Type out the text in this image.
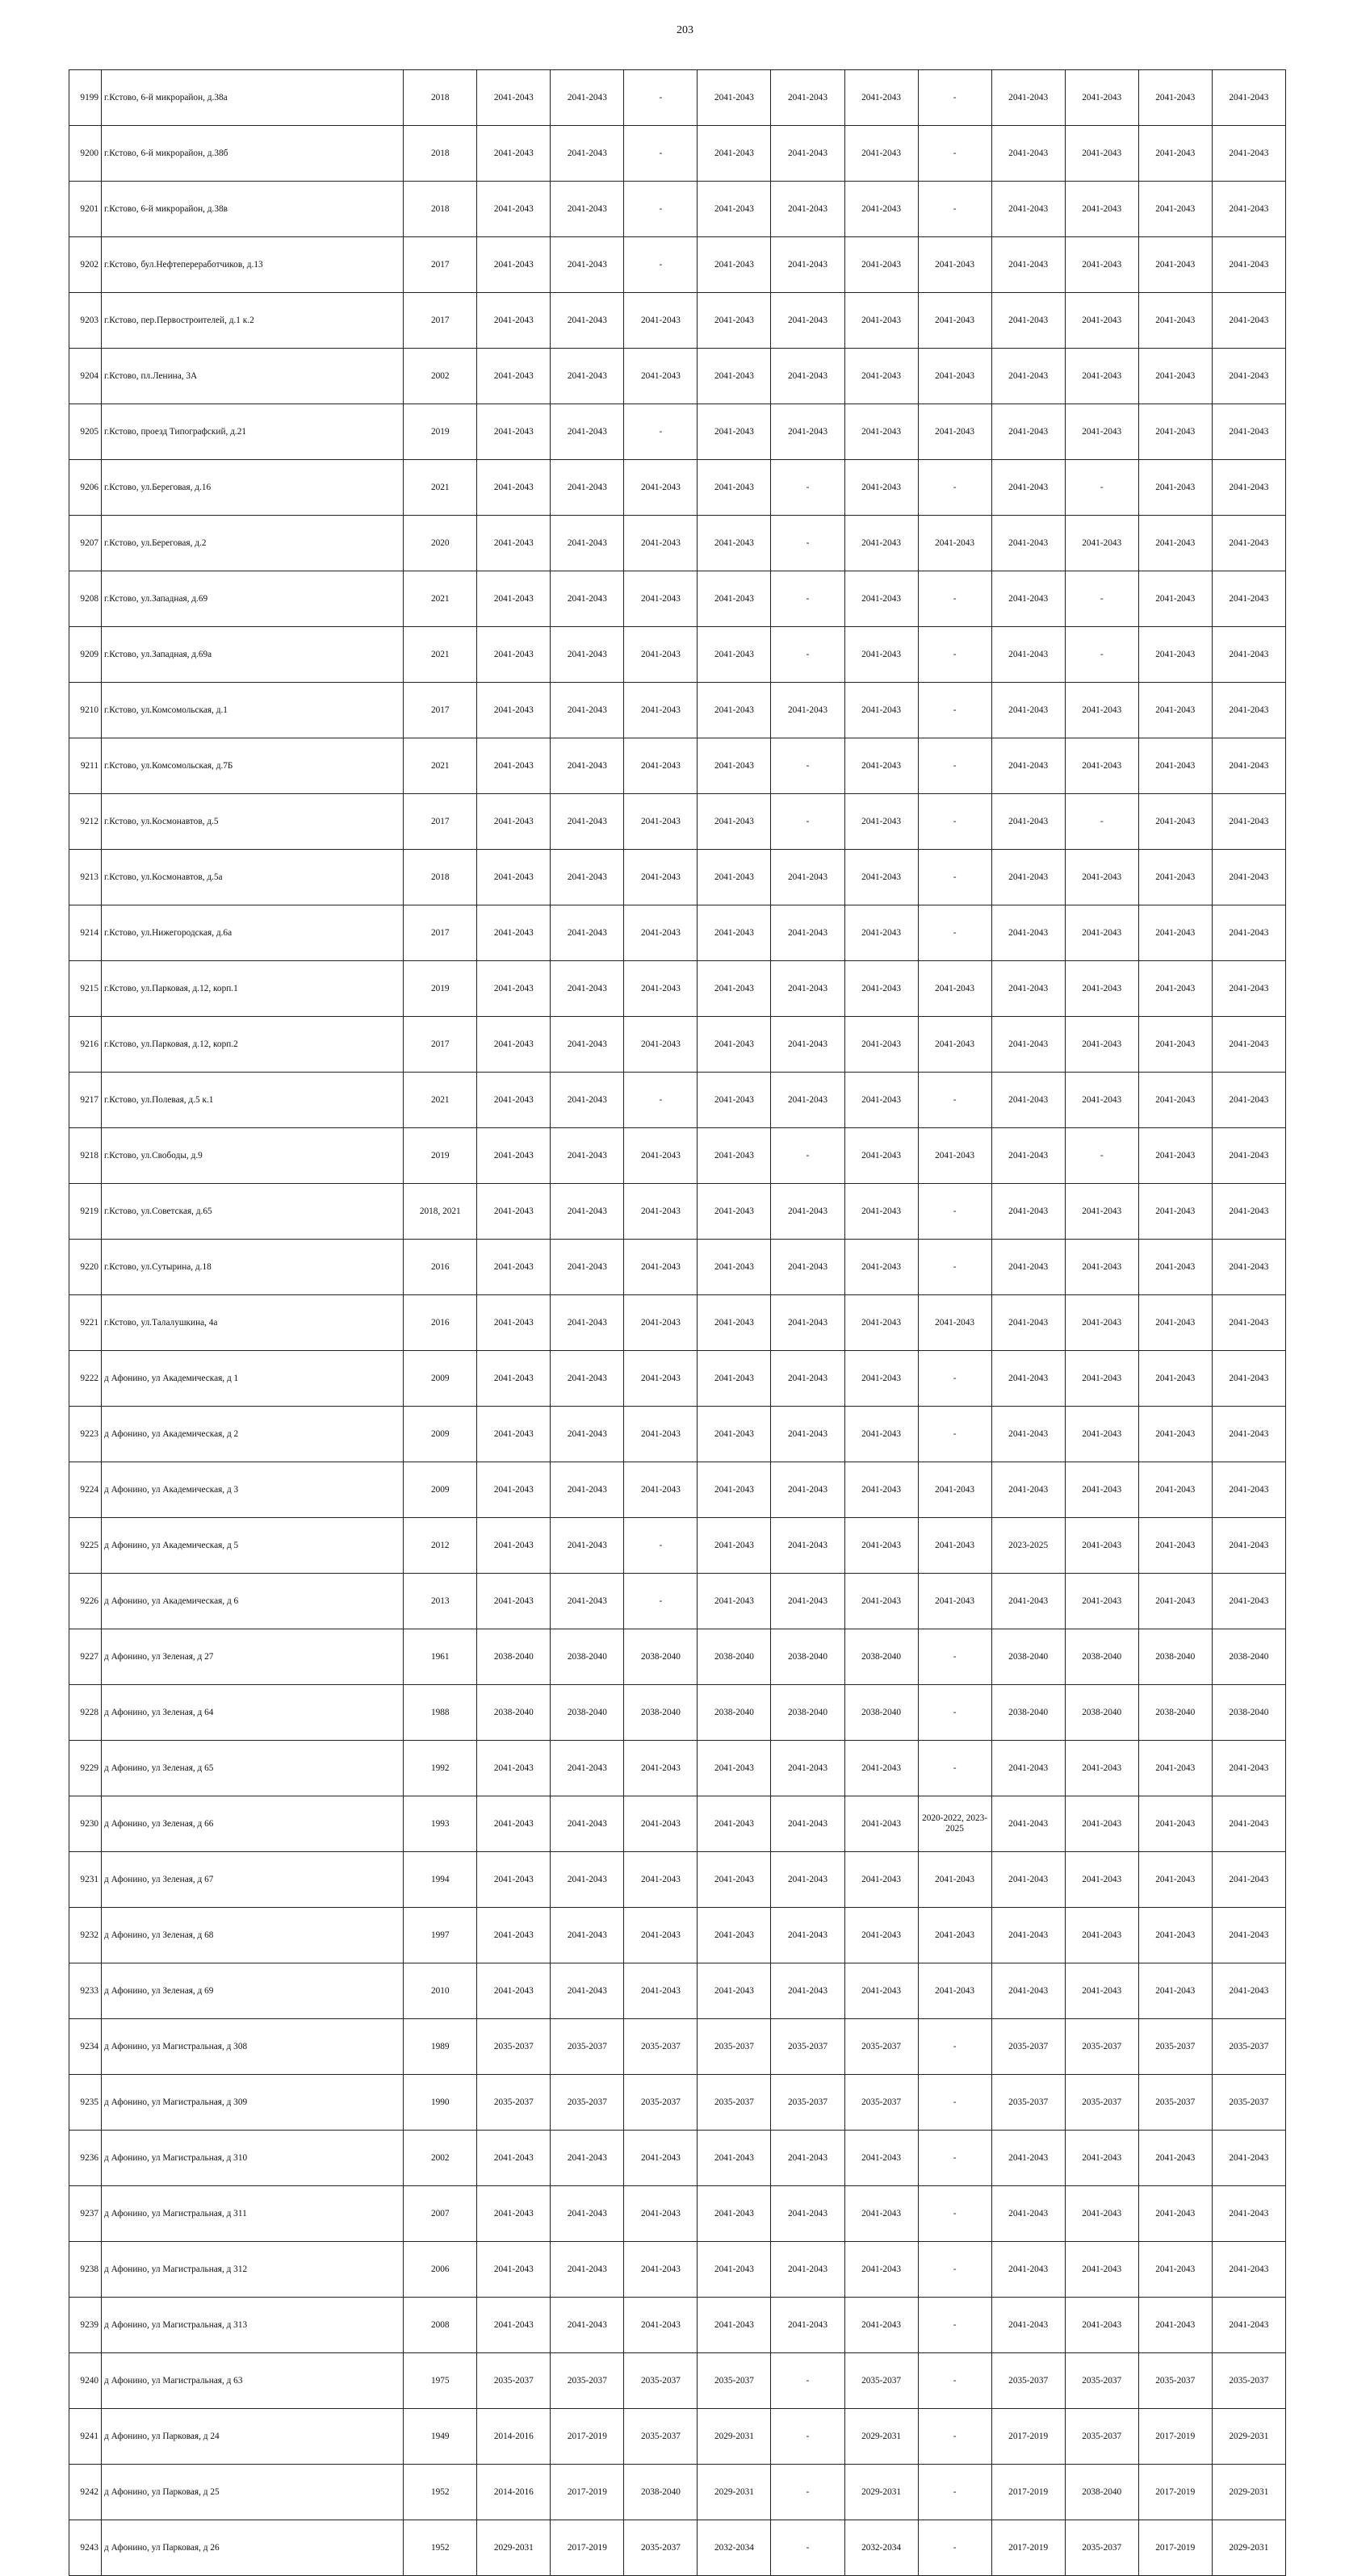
203
9199	г.Кстово, 6-й микрорайон, д.38а	2018	2041-2043	2041-2043	-	2041-2043	2041-2043	2041-2043	-	2041-2043	2041-2043	2041-2043	2041-2043
9200	г.Кстово, 6-й микрорайон, д.38б	2018	2041-2043	2041-2043	-	2041-2043	2041-2043	2041-2043	-	2041-2043	2041-2043	2041-2043	2041-2043
9201	г.Кстово, 6-й микрорайон, д.38в	2018	2041-2043	2041-2043	-	2041-2043	2041-2043	2041-2043	-	2041-2043	2041-2043	2041-2043	2041-2043
9202	г.Кстово, бул.Нефтепереработчиков, д.13	2017	2041-2043	2041-2043	-	2041-2043	2041-2043	2041-2043	2041-2043	2041-2043	2041-2043	2041-2043	2041-2043
9203	г.Кстово, пер.Первостроителей, д.1 к.2	2017	2041-2043	2041-2043	2041-2043	2041-2043	2041-2043	2041-2043	2041-2043	2041-2043	2041-2043	2041-2043	2041-2043
9204	г.Кстово, пл.Ленина, 3А	2002	2041-2043	2041-2043	2041-2043	2041-2043	2041-2043	2041-2043	2041-2043	2041-2043	2041-2043	2041-2043	2041-2043
9205	г.Кстово, проезд Типографский, д.21	2019	2041-2043	2041-2043	-	2041-2043	2041-2043	2041-2043	2041-2043	2041-2043	2041-2043	2041-2043	2041-2043
9206	г.Кстово, ул.Береговая, д.16	2021	2041-2043	2041-2043	2041-2043	2041-2043	-	2041-2043	-	2041-2043	-	2041-2043	2041-2043
9207	г.Кстово, ул.Береговая, д.2	2020	2041-2043	2041-2043	2041-2043	2041-2043	-	2041-2043	2041-2043	2041-2043	2041-2043	2041-2043	2041-2043
9208	г.Кстово, ул.Западная, д.69	2021	2041-2043	2041-2043	2041-2043	2041-2043	-	2041-2043	-	2041-2043	-	2041-2043	2041-2043
9209	г.Кстово, ул.Западная, д.69а	2021	2041-2043	2041-2043	2041-2043	2041-2043	-	2041-2043	-	2041-2043	-	2041-2043	2041-2043
9210	г.Кстово, ул.Комсомольская, д.1	2017	2041-2043	2041-2043	2041-2043	2041-2043	2041-2043	2041-2043	-	2041-2043	2041-2043	2041-2043	2041-2043
9211	г.Кстово, ул.Комсомольская, д.7Б	2021	2041-2043	2041-2043	2041-2043	2041-2043	-	2041-2043	-	2041-2043	2041-2043	2041-2043	2041-2043
9212	г.Кстово, ул.Космонавтов, д.5	2017	2041-2043	2041-2043	2041-2043	2041-2043	-	2041-2043	-	2041-2043	-	2041-2043	2041-2043
9213	г.Кстово, ул.Космонавтов, д.5а	2018	2041-2043	2041-2043	2041-2043	2041-2043	2041-2043	2041-2043	-	2041-2043	2041-2043	2041-2043	2041-2043
9214	г.Кстово, ул.Нижегородская, д.6а	2017	2041-2043	2041-2043	2041-2043	2041-2043	2041-2043	2041-2043	-	2041-2043	2041-2043	2041-2043	2041-2043
9215	г.Кстово, ул.Парковая, д.12, корп.1	2019	2041-2043	2041-2043	2041-2043	2041-2043	2041-2043	2041-2043	2041-2043	2041-2043	2041-2043	2041-2043	2041-2043
9216	г.Кстово, ул.Парковая, д.12, корп.2	2017	2041-2043	2041-2043	2041-2043	2041-2043	2041-2043	2041-2043	2041-2043	2041-2043	2041-2043	2041-2043	2041-2043
9217	г.Кстово, ул.Полевая, д.5 к.1	2021	2041-2043	2041-2043	-	2041-2043	2041-2043	2041-2043	-	2041-2043	2041-2043	2041-2043	2041-2043
9218	г.Кстово, ул.Свободы, д.9	2019	2041-2043	2041-2043	2041-2043	2041-2043	-	2041-2043	2041-2043	2041-2043	-	2041-2043	2041-2043
9219	г.Кстово, ул.Советская, д.65	2018, 2021	2041-2043	2041-2043	2041-2043	2041-2043	2041-2043	2041-2043	-	2041-2043	2041-2043	2041-2043	2041-2043
9220	г.Кстово, ул.Сутырина, д.18	2016	2041-2043	2041-2043	2041-2043	2041-2043	2041-2043	2041-2043	-	2041-2043	2041-2043	2041-2043	2041-2043
9221	г.Кстово, ул.Талалушкина, 4а	2016	2041-2043	2041-2043	2041-2043	2041-2043	2041-2043	2041-2043	2041-2043	2041-2043	2041-2043	2041-2043	2041-2043
9222	д Афонино, ул Академическая, д 1	2009	2041-2043	2041-2043	2041-2043	2041-2043	2041-2043	2041-2043	-	2041-2043	2041-2043	2041-2043	2041-2043
9223	д Афонино, ул Академическая, д 2	2009	2041-2043	2041-2043	2041-2043	2041-2043	2041-2043	2041-2043	-	2041-2043	2041-2043	2041-2043	2041-2043
9224	д Афонино, ул Академическая, д 3	2009	2041-2043	2041-2043	2041-2043	2041-2043	2041-2043	2041-2043	2041-2043	2041-2043	2041-2043	2041-2043	2041-2043
9225	д Афонино, ул Академическая, д 5	2012	2041-2043	2041-2043	-	2041-2043	2041-2043	2041-2043	2041-2043	2023-2025	2041-2043	2041-2043	2041-2043
9226	д Афонино, ул Академическая, д 6	2013	2041-2043	2041-2043	-	2041-2043	2041-2043	2041-2043	2041-2043	2041-2043	2041-2043	2041-2043	2041-2043
9227	д Афонино, ул Зеленая, д 27	1961	2038-2040	2038-2040	2038-2040	2038-2040	2038-2040	2038-2040	-	2038-2040	2038-2040	2038-2040	2038-2040
9228	д Афонино, ул Зеленая, д 64	1988	2038-2040	2038-2040	2038-2040	2038-2040	2038-2040	2038-2040	-	2038-2040	2038-2040	2038-2040	2038-2040
9229	д Афонино, ул Зеленая, д 65	1992	2041-2043	2041-2043	2041-2043	2041-2043	2041-2043	2041-2043	-	2041-2043	2041-2043	2041-2043	2041-2043
9230	д Афонино, ул Зеленая, д 66	1993	2041-2043	2041-2043	2041-2043	2041-2043	2041-2043	2041-2043	2020-2022, 2023-2025	2041-2043	2041-2043	2041-2043	2041-2043
9231	д Афонино, ул Зеленая, д 67	1994	2041-2043	2041-2043	2041-2043	2041-2043	2041-2043	2041-2043	2041-2043	2041-2043	2041-2043	2041-2043	2041-2043
9232	д Афонино, ул Зеленая, д 68	1997	2041-2043	2041-2043	2041-2043	2041-2043	2041-2043	2041-2043	2041-2043	2041-2043	2041-2043	2041-2043	2041-2043
9233	д Афонино, ул Зеленая, д 69	2010	2041-2043	2041-2043	2041-2043	2041-2043	2041-2043	2041-2043	2041-2043	2041-2043	2041-2043	2041-2043	2041-2043
9234	д Афонино, ул Магистральная, д 308	1989	2035-2037	2035-2037	2035-2037	2035-2037	2035-2037	2035-2037	-	2035-2037	2035-2037	2035-2037	2035-2037
9235	д Афонино, ул Магистральная, д 309	1990	2035-2037	2035-2037	2035-2037	2035-2037	2035-2037	2035-2037	-	2035-2037	2035-2037	2035-2037	2035-2037
9236	д Афонино, ул Магистральная, д 310	2002	2041-2043	2041-2043	2041-2043	2041-2043	2041-2043	2041-2043	-	2041-2043	2041-2043	2041-2043	2041-2043
9237	д Афонино, ул Магистральная, д 311	2007	2041-2043	2041-2043	2041-2043	2041-2043	2041-2043	2041-2043	-	2041-2043	2041-2043	2041-2043	2041-2043
9238	д Афонино, ул Магистральная, д 312	2006	2041-2043	2041-2043	2041-2043	2041-2043	2041-2043	2041-2043	-	2041-2043	2041-2043	2041-2043	2041-2043
9239	д Афонино, ул Магистральная, д 313	2008	2041-2043	2041-2043	2041-2043	2041-2043	2041-2043	2041-2043	-	2041-2043	2041-2043	2041-2043	2041-2043
9240	д Афонино, ул Магистральная, д 63	1975	2035-2037	2035-2037	2035-2037	2035-2037	-	2035-2037	-	2035-2037	2035-2037	2035-2037	2035-2037
9241	д Афонино, ул Парковая, д 24	1949	2014-2016	2017-2019	2035-2037	2029-2031	-	2029-2031	-	2017-2019	2035-2037	2017-2019	2029-2031
9242	д Афонино, ул Парковая, д 25	1952	2014-2016	2017-2019	2038-2040	2029-2031	-	2029-2031	-	2017-2019	2038-2040	2017-2019	2029-2031
9243	д Афонино, ул Парковая, д 26	1952	2029-2031	2017-2019	2035-2037	2032-2034	-	2032-2034	-	2017-2019	2035-2037	2017-2019	2029-2031
